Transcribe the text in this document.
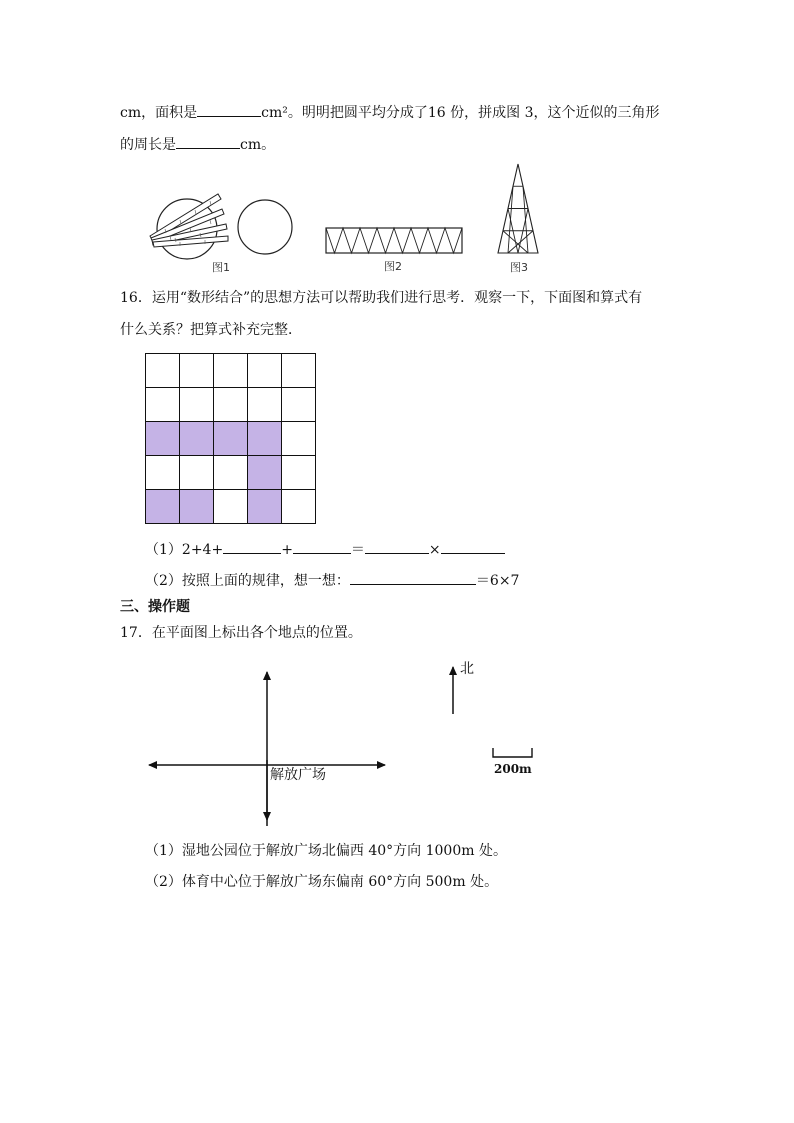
cm，面积是	cm²。明明把圆平均分成了16 份，拼成图 3，这个近似的三角形
的周长是	cm。
图1	图2	图3
16．运用“数形结合”的思想方法可以帮助我们进行思考．观察一下，下面图和算式有
什么关系？把算式补充完整．

（1）2+4+	+	＝	×
（2）按照上面的规律，想一想：	＝6×7
三、操作题
17．在平面图上标出各个地点的位置。
解放广场
北
200m
（1）湿地公园位于解放广场北偏西 40°方向 1000m 处。
（2）体育中心位于解放广场东偏南 60°方向 500m 处。
